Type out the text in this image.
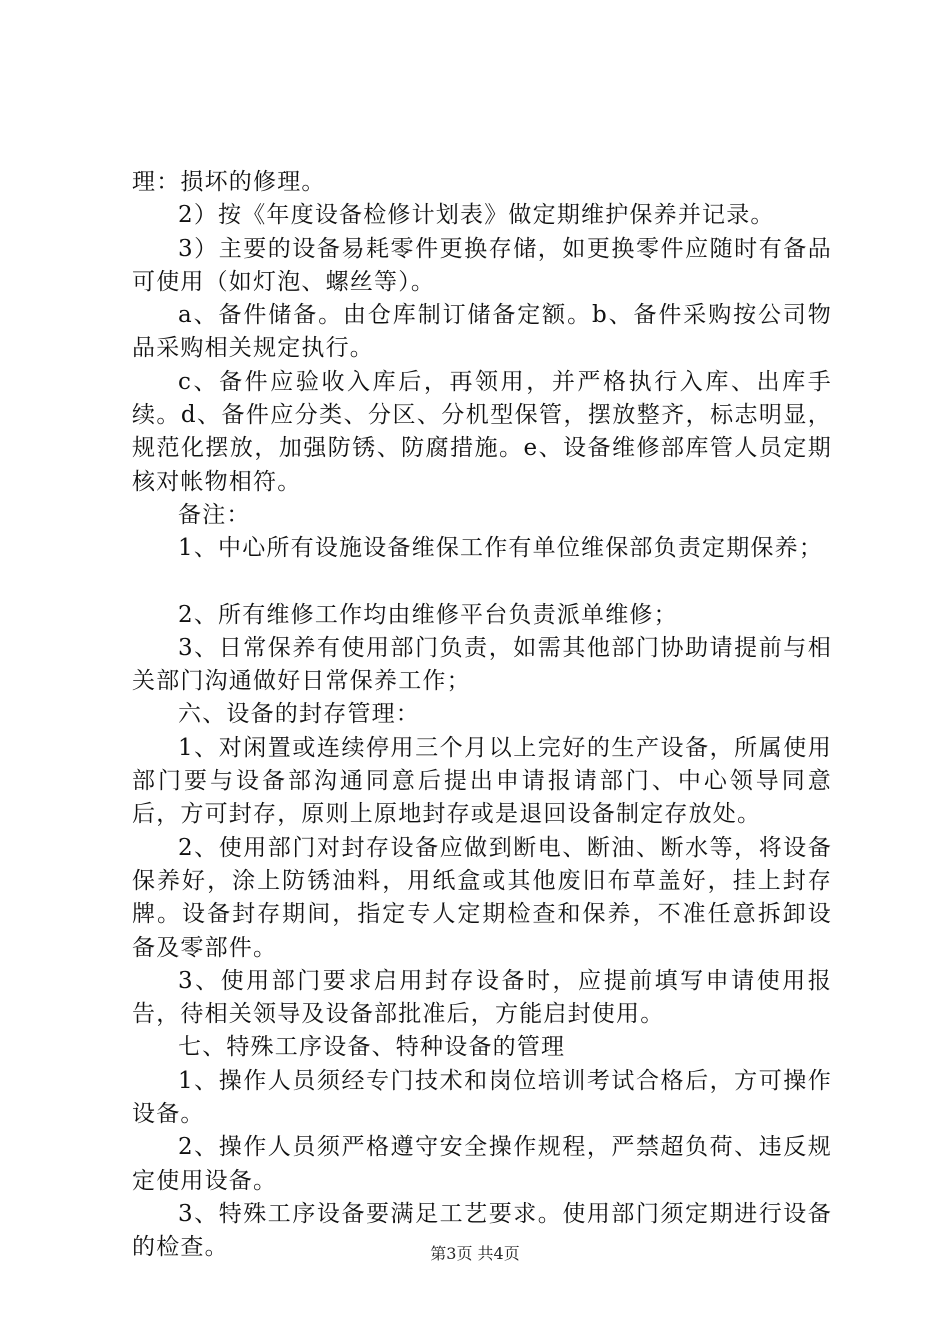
理：损坏的修理。

2）按《年度设备检修计划表》做定期维护保养并记录。

3）主要的设备易耗零件更换存储，如更换零件应随时有备品可使用（如灯泡、螺丝等）。

a、备件储备。由仓库制订储备定额。b、备件采购按公司物品采购相关规定执行。

c、备件应验收入库后，再领用，并严格执行入库、出库手续。d、备件应分类、分区、分机型保管，摆放整齐，标志明显，规范化摆放，加强防锈、防腐措施。e、设备维修部库管人员定期核对帐物相符。

备注：

1、中心所有设施设备维保工作有单位维保部负责定期保养；

2、所有维修工作均由维修平台负责派单维修；

3、日常保养有使用部门负责，如需其他部门协助请提前与相关部门沟通做好日常保养工作；

六、设备的封存管理：

1、对闲置或连续停用三个月以上完好的生产设备，所属使用部门要与设备部沟通同意后提出申请报请部门、中心领导同意后，方可封存，原则上原地封存或是退回设备制定存放处。

2、使用部门对封存设备应做到断电、断油、断水等，将设备保养好，涂上防锈油料，用纸盒或其他废旧布草盖好，挂上封存牌。设备封存期间，指定专人定期检查和保养，不准任意拆卸设备及零部件。

3、使用部门要求启用封存设备时，应提前填写申请使用报告，待相关领导及设备部批准后，方能启封使用。

七、特殊工序设备、特种设备的管理

1、操作人员须经专门技术和岗位培训考试合格后，方可操作设备。

2、操作人员须严格遵守安全操作规程，严禁超负荷、违反规定使用设备。

3、特殊工序设备要满足工艺要求。使用部门须定期进行设备的检查。	第3页 共4页
